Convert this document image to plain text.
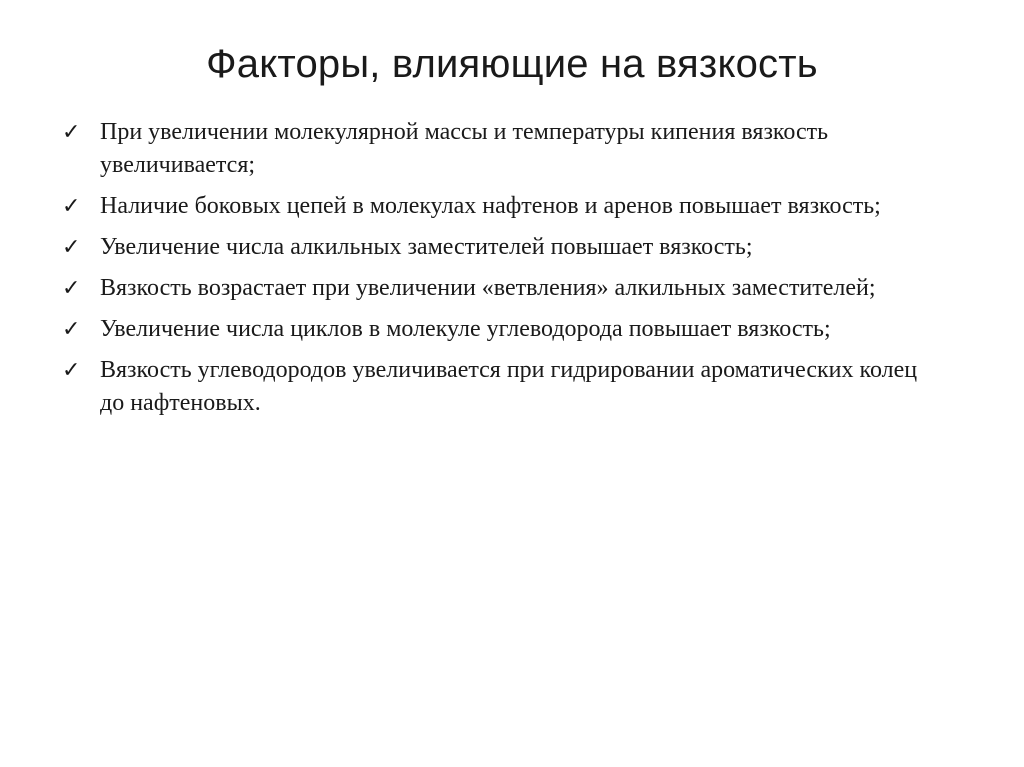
Факторы, влияющие на вязкость
✓ При увеличении молекулярной массы и температуры кипения вязкость увеличивается;
✓ Наличие боковых цепей в молекулах нафтенов и аренов повышает вязкость;
✓ Увеличение числа алкильных заместителей повышает вязкость;
✓ Вязкость возрастает при увеличении «ветвления» алкильных заместителей;
✓ Увеличение числа циклов в молекуле углеводорода повышает вязкость;
✓ Вязкость углеводородов увеличивается при гидрировании ароматических колец до нафтеновых.
